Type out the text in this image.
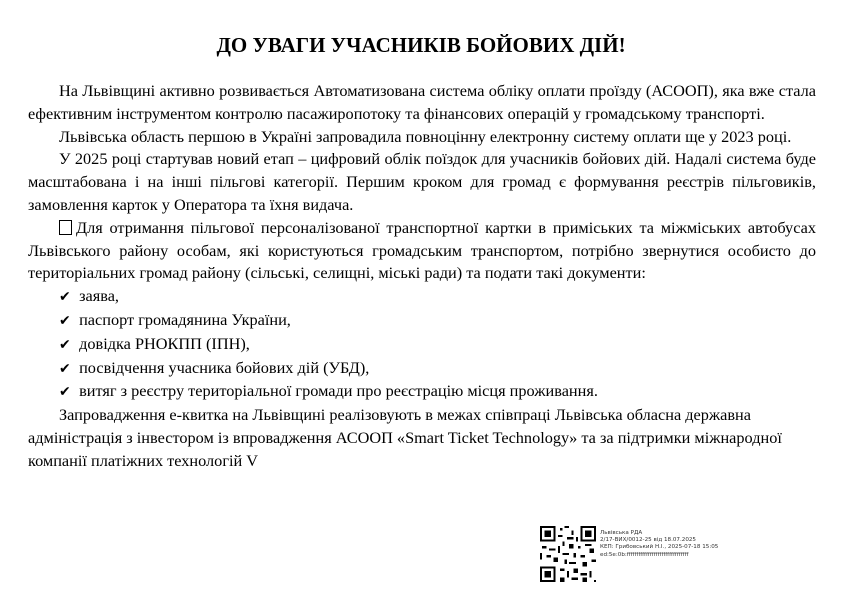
ДО УВАГИ УЧАСНИКІВ БОЙОВИХ ДІЙ!

На Львівщині активно розвивається Автоматизована система обліку оплати проїзду (АСООП), яка вже стала ефективним інструментом контролю пасажиропотоку та фінансових операцій у громадському транспорті.

Львівська область першою в Україні запровадила повноцінну електронну систему оплати ще у 2023 році.

У 2025 році стартував новий етап – цифровий облік поїздок для учасників бойових дій. Надалі система буде масштабована і на інші пільгові категорії. Першим кроком для громад є формування реєстрів пільговиків, замовлення карток у Оператора та їхня видача.

Для отримання пільгової персоналізованої транспортної картки в приміських та міжміських автобусах Львівського району особам, які користуються громадським транспортом, потрібно звернутися особисто до територіальних громад району (сільські, селищні, міські ради) та подати такі документи:

✔ заява,
✔ паспорт громадянина України,
✔ довідка РНОКПП (ІПН),
✔ посвідчення учасника бойових дій (УБД),
✔ витяг з реєстру територіальної громади про реєстрацію місця проживання.

Запровадження е-квитка на Львівщині реалізовують в межах співпраці Львівська обласна державна адміністрація з інвестором із впровадження АСООП «Smart Ticket Technology» та за підтримки міжнародної компанії платіжних технологій V

Львівська РДА
2/17-ВИХ/0012-25 від 18.07.2025
КЕП: Грибовський Н.І., 2025-07-18 15:05
ed:5e:0b:ffffffffffffffffffffffffffffffff
